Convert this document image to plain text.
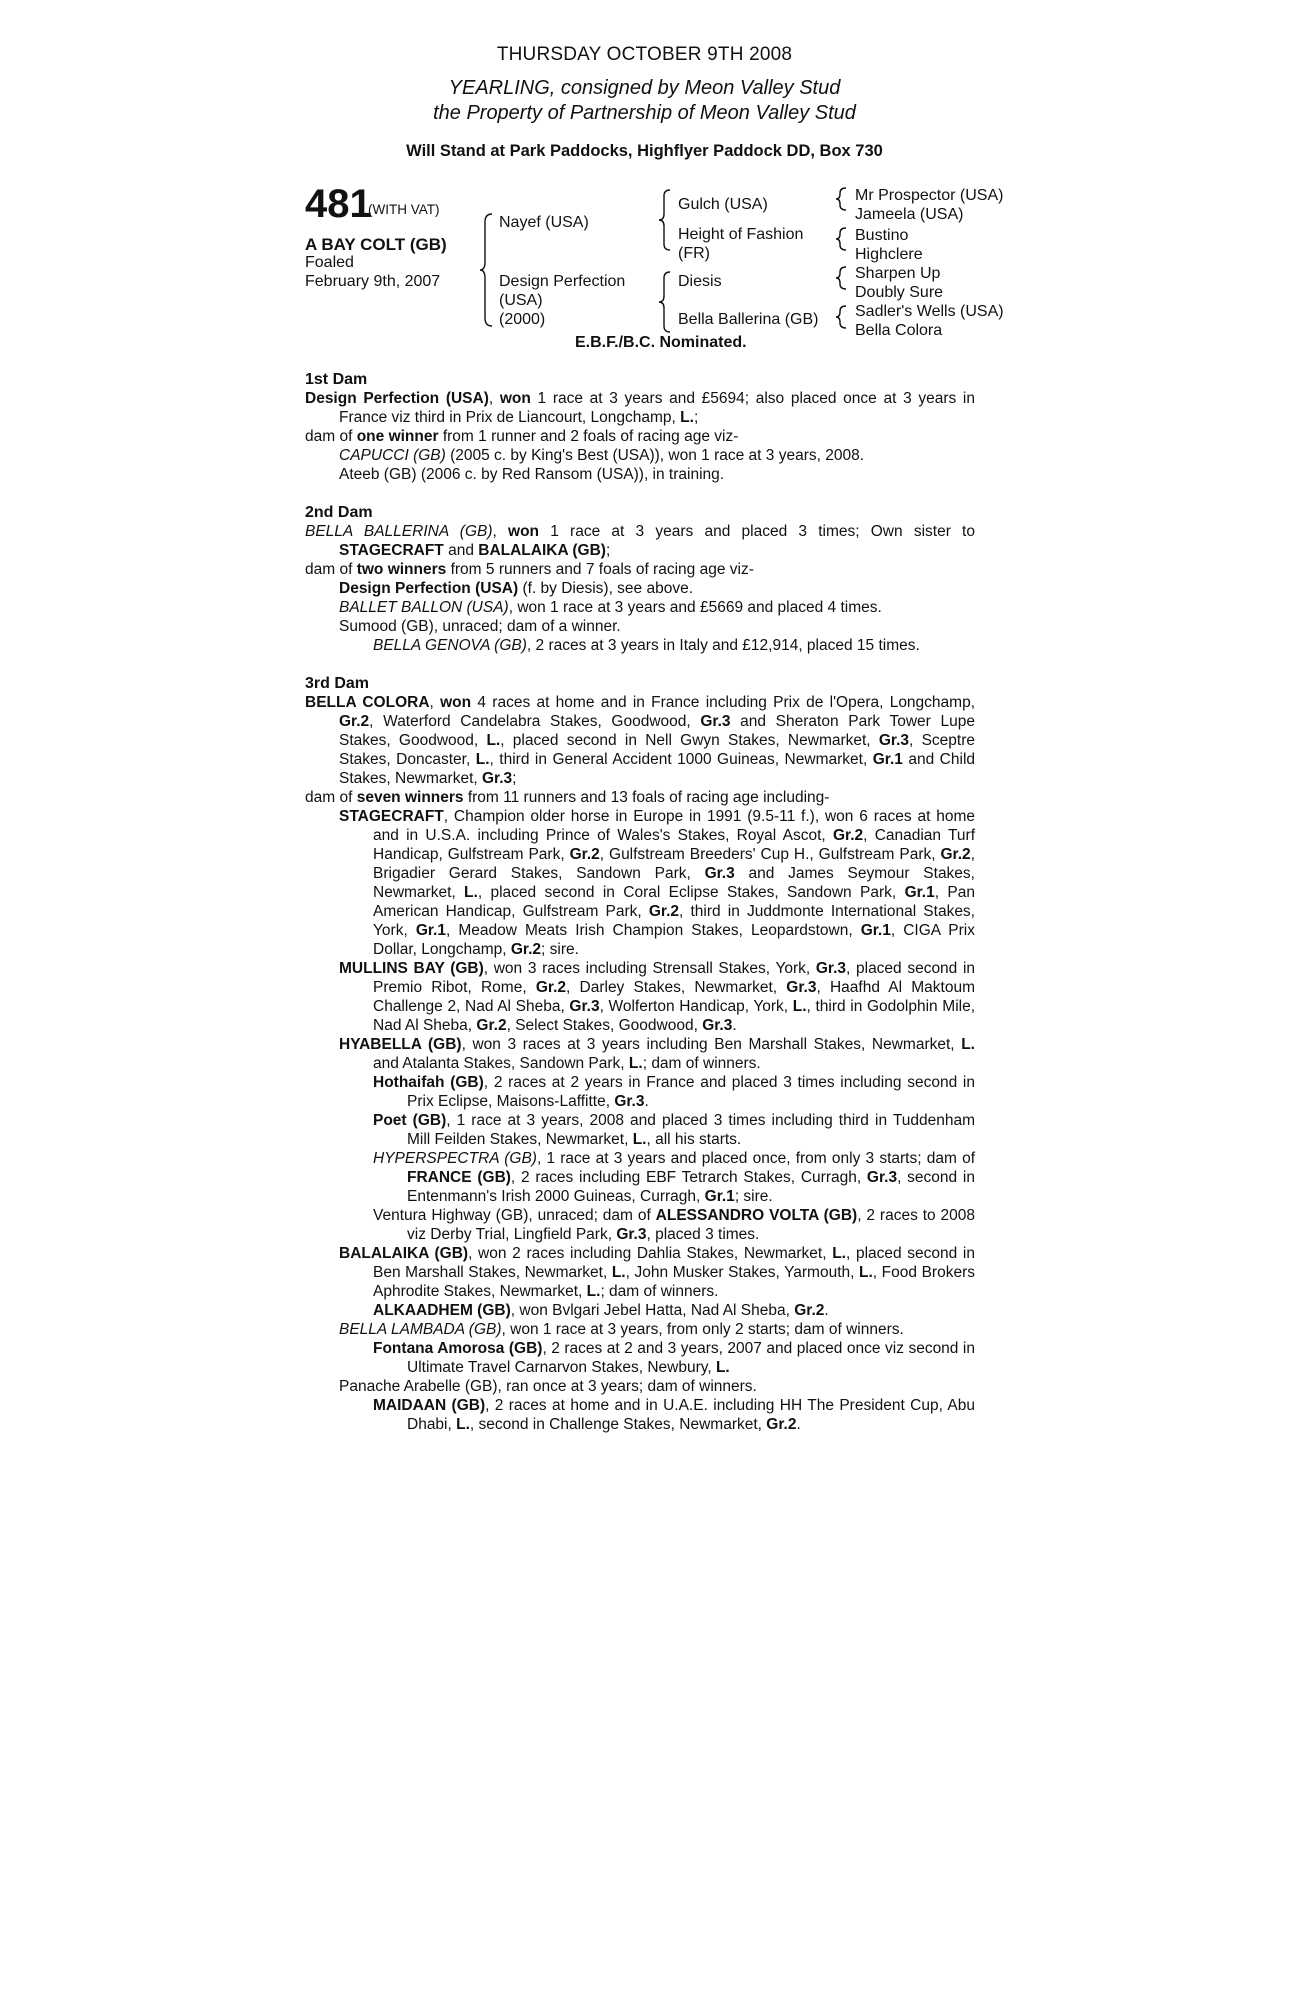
THURSDAY OCTOBER 9TH 2008
YEARLING, consigned by Meon Valley Stud
the Property of Partnership of Meon Valley Stud
Will Stand at Park Paddocks, Highflyer Paddock DD, Box 730
481
(WITH VAT)
A BAY COLT (GB)
Foaled
February 9th, 2007
Nayef (USA)
Design Perfection
(USA)
(2000)
Gulch (USA)
Height of Fashion
(FR)
Diesis
Bella Ballerina (GB)
Mr Prospector (USA)
Jameela (USA)
Bustino
Highclere
Sharpen Up
Doubly Sure
Sadler's Wells (USA)
Bella Colora
E.B.F./B.C. Nominated.

1st Dam

Design Perfection (USA), won 1 race at 3 years and £5694; also placed once at 3 years in France viz third in Prix de Liancourt, Longchamp, L.;

dam of one winner from 1 runner and 2 foals of racing age viz-

CAPUCCI (GB) (2005 c. by King's Best (USA)), won 1 race at 3 years, 2008.

Ateeb (GB) (2006 c. by Red Ransom (USA)), in training.

2nd Dam

BELLA BALLERINA (GB), won 1 race at 3 years and placed 3 times; Own sister to STAGECRAFT and BALALAIKA (GB);

dam of two winners from 5 runners and 7 foals of racing age viz-

Design Perfection (USA) (f. by Diesis), see above.

BALLET BALLON (USA), won 1 race at 3 years and £5669 and placed 4 times.

Sumood (GB), unraced; dam of a winner.

BELLA GENOVA (GB), 2 races at 3 years in Italy and £12,914, placed 15 times.

3rd Dam

BELLA COLORA, won 4 races at home and in France including Prix de l'Opera, Longchamp, Gr.2, Waterford Candelabra Stakes, Goodwood, Gr.3 and Sheraton Park Tower Lupe Stakes, Goodwood, L., placed second in Nell Gwyn Stakes, Newmarket, Gr.3, Sceptre Stakes, Doncaster, L., third in General Accident 1000 Guineas, Newmarket, Gr.1 and Child Stakes, Newmarket, Gr.3;

dam of seven winners from 11 runners and 13 foals of racing age including-

STAGECRAFT, Champion older horse in Europe in 1991 (9.5-11 f.), won 6 races at home and in U.S.A. including Prince of Wales's Stakes, Royal Ascot, Gr.2, Canadian Turf Handicap, Gulfstream Park, Gr.2, Gulfstream Breeders' Cup H., Gulfstream Park, Gr.2, Brigadier Gerard Stakes, Sandown Park, Gr.3 and James Seymour Stakes, Newmarket, L., placed second in Coral Eclipse Stakes, Sandown Park, Gr.1, Pan American Handicap, Gulfstream Park, Gr.2, third in Juddmonte International Stakes, York, Gr.1, Meadow Meats Irish Champion Stakes, Leopardstown, Gr.1, CIGA Prix Dollar, Longchamp, Gr.2; sire.

MULLINS BAY (GB), won 3 races including Strensall Stakes, York, Gr.3, placed second in Premio Ribot, Rome, Gr.2, Darley Stakes, Newmarket, Gr.3, Haafhd Al Maktoum Challenge 2, Nad Al Sheba, Gr.3, Wolferton Handicap, York, L., third in Godolphin Mile, Nad Al Sheba, Gr.2, Select Stakes, Goodwood, Gr.3.

HYABELLA (GB), won 3 races at 3 years including Ben Marshall Stakes, Newmarket, L. and Atalanta Stakes, Sandown Park, L.; dam of winners.

Hothaifah (GB), 2 races at 2 years in France and placed 3 times including second in Prix Eclipse, Maisons-Laffitte, Gr.3.

Poet (GB), 1 race at 3 years, 2008 and placed 3 times including third in Tuddenham Mill Feilden Stakes, Newmarket, L., all his starts.

HYPERSPECTRA (GB), 1 race at 3 years and placed once, from only 3 starts; dam of FRANCE (GB), 2 races including EBF Tetrarch Stakes, Curragh, Gr.3, second in Entenmann's Irish 2000 Guineas, Curragh, Gr.1; sire.

Ventura Highway (GB), unraced; dam of ALESSANDRO VOLTA (GB), 2 races to 2008 viz Derby Trial, Lingfield Park, Gr.3, placed 3 times.

BALALAIKA (GB), won 2 races including Dahlia Stakes, Newmarket, L., placed second in Ben Marshall Stakes, Newmarket, L., John Musker Stakes, Yarmouth, L., Food Brokers Aphrodite Stakes, Newmarket, L.; dam of winners.

ALKAADHEM (GB), won Bvlgari Jebel Hatta, Nad Al Sheba, Gr.2.

BELLA LAMBADA (GB), won 1 race at 3 years, from only 2 starts; dam of winners.

Fontana Amorosa (GB), 2 races at 2 and 3 years, 2007 and placed once viz second in Ultimate Travel Carnarvon Stakes, Newbury, L.

Panache Arabelle (GB), ran once at 3 years; dam of winners.

MAIDAAN (GB), 2 races at home and in U.A.E. including HH The President Cup, Abu Dhabi, L., second in Challenge Stakes, Newmarket, Gr.2.
